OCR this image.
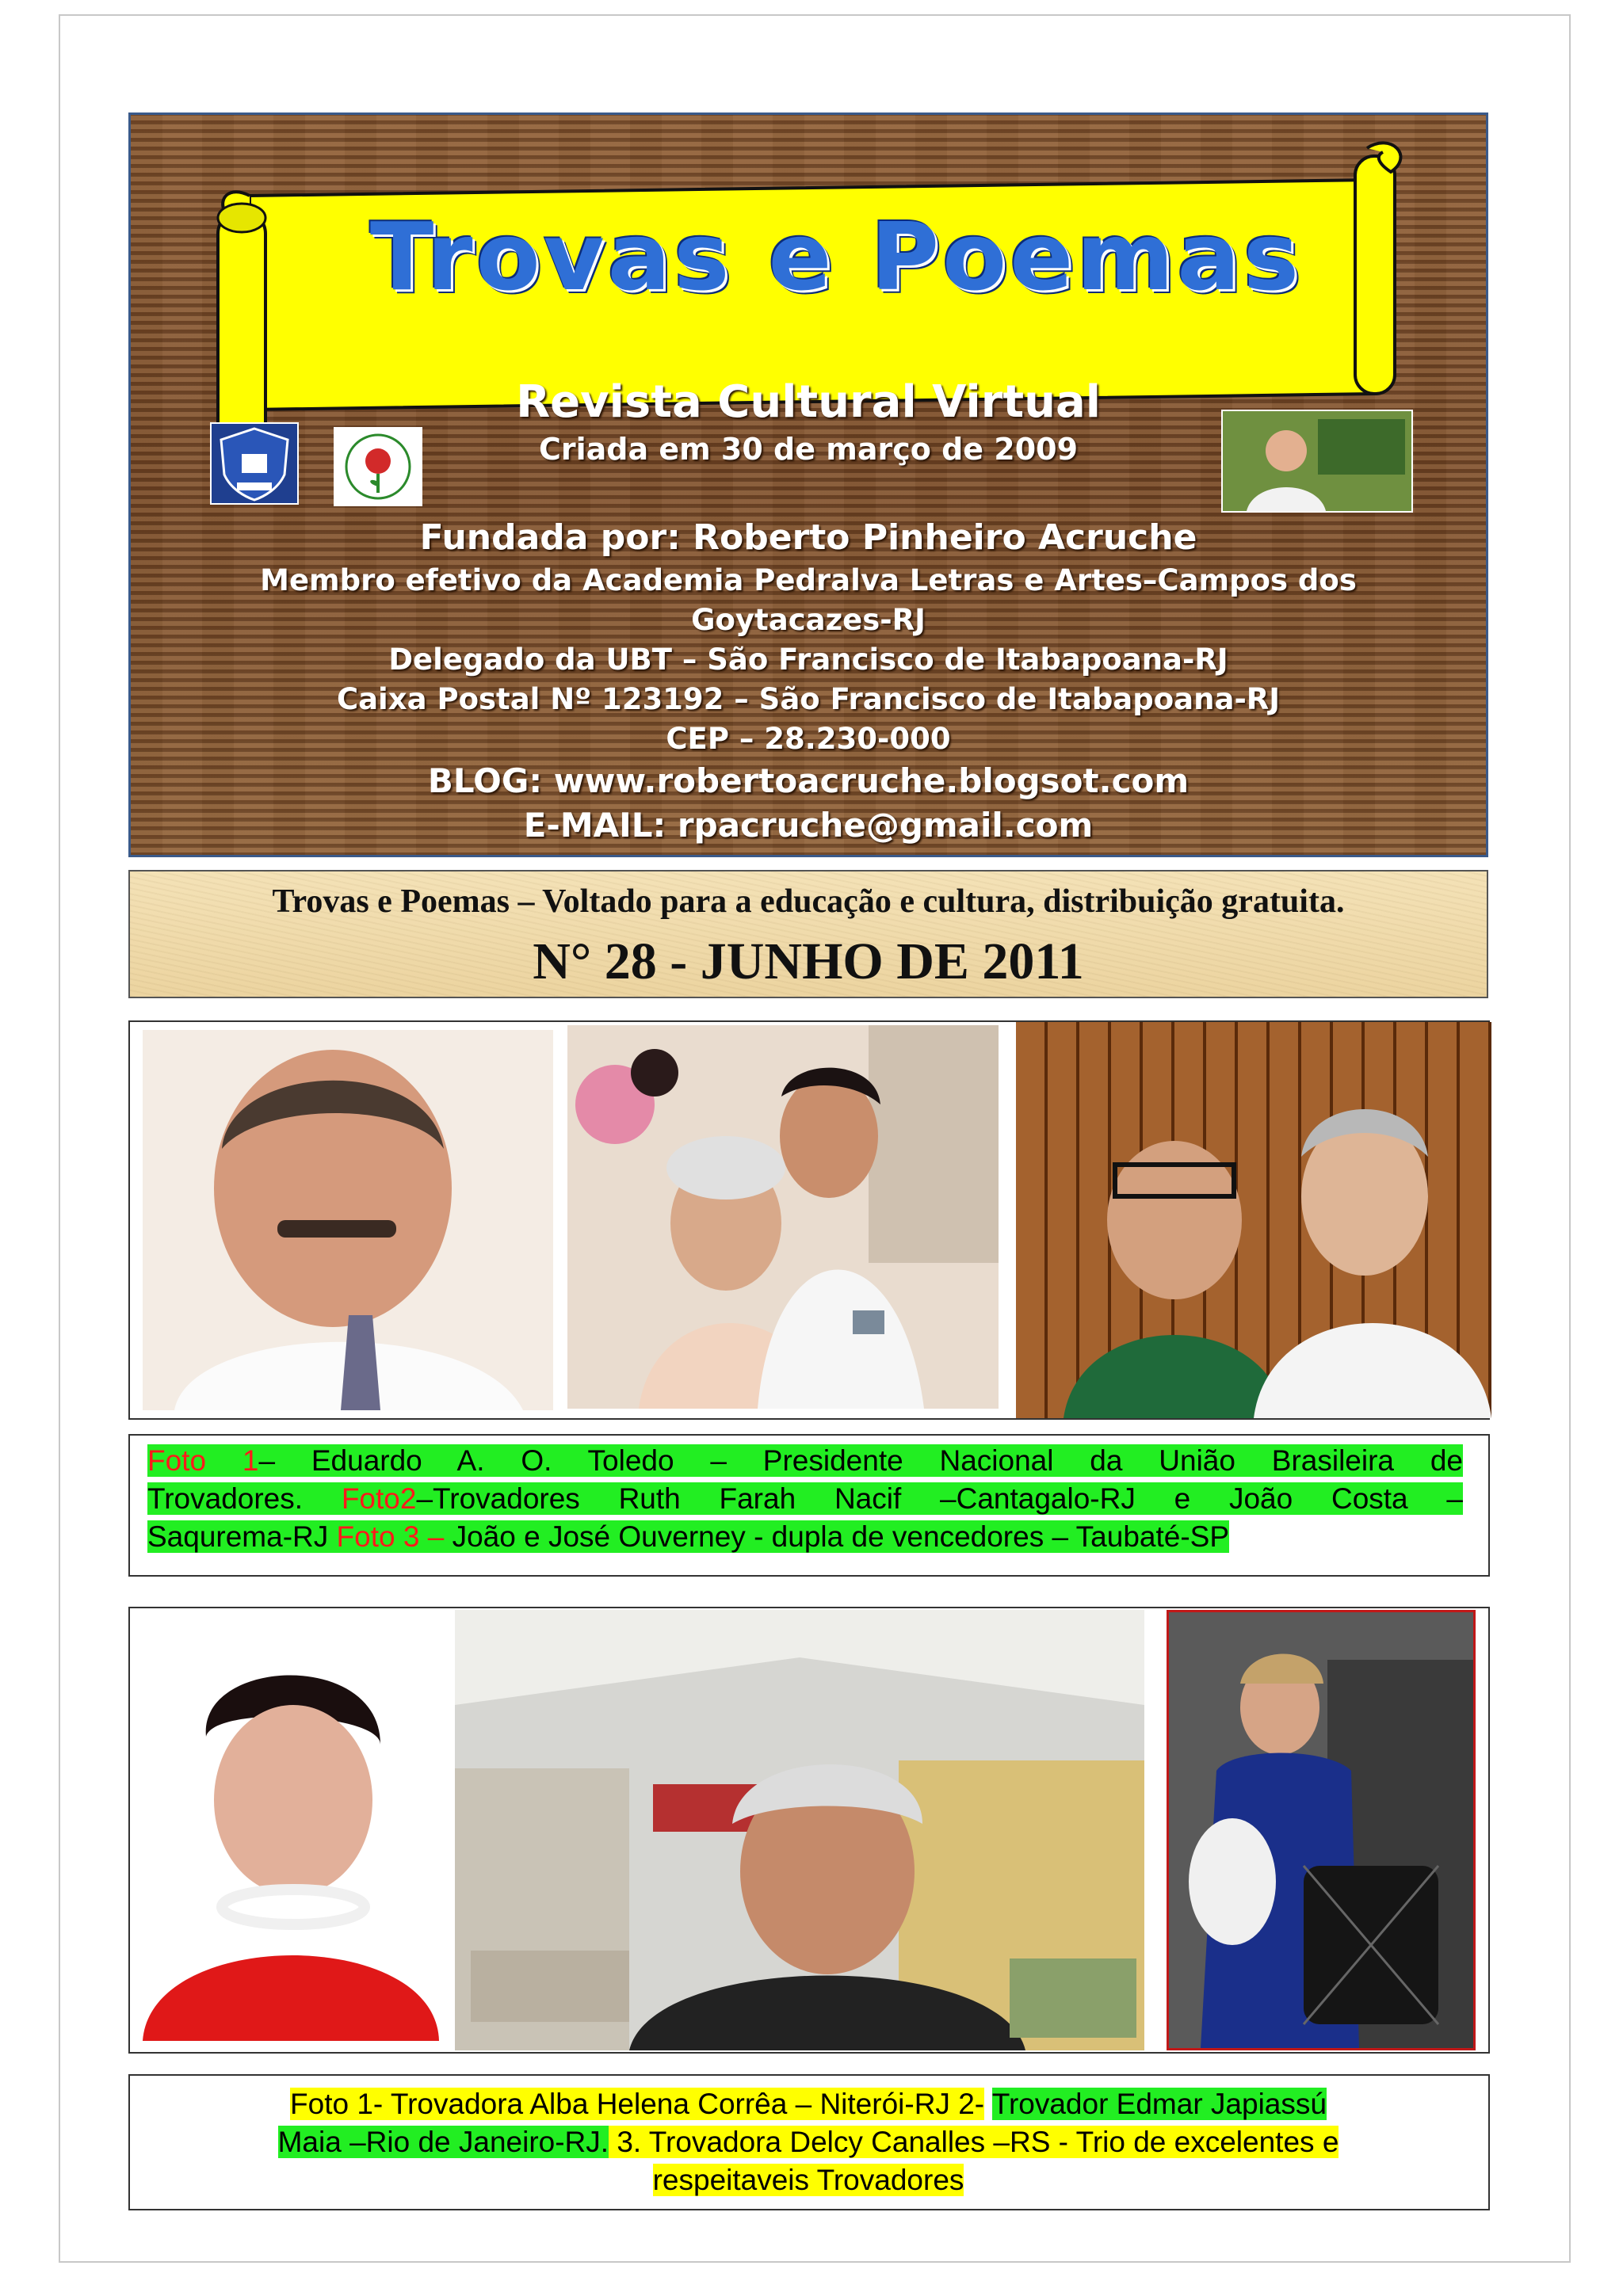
Trovas e Poemas
Revista Cultural Virtual
Criada em 30 de março de 2009
Fundada por: Roberto Pinheiro Acruche
Membro efetivo da Academia Pedralva Letras e Artes–Campos dos
Goytacazes-RJ
Delegado da UBT – São Francisco de Itabapoana-RJ
Caixa Postal Nº 123192 – São Francisco de Itabapoana-RJ
CEP – 28.230-000
BLOG: www.robertoacruche.blogsot.com
E-MAIL: rpacruche@gmail.com
Trovas e Poemas – Voltado para a educação e cultura, distribuição gratuita.
N° 28 - JUNHO DE 2011

Foto 1– Eduardo A. O. Toledo – Presidente Nacional da União Brasileira de

Trovadores. Foto2–Trovadores Ruth Farah Nacif –Cantagalo-RJ e João Costa –

Saqurema-RJ Foto 3 – João e José Ouverney - dupla de vencedores – Taubaté-SP

Foto 1- Trovadora Alba Helena Corrêa – Niterói-RJ 2- Trovador Edmar Japiassú

Maia –Rio de Janeiro-RJ. 3. Trovadora Delcy Canalles –RS - Trio de excelentes e

respeitaveis Trovadores
